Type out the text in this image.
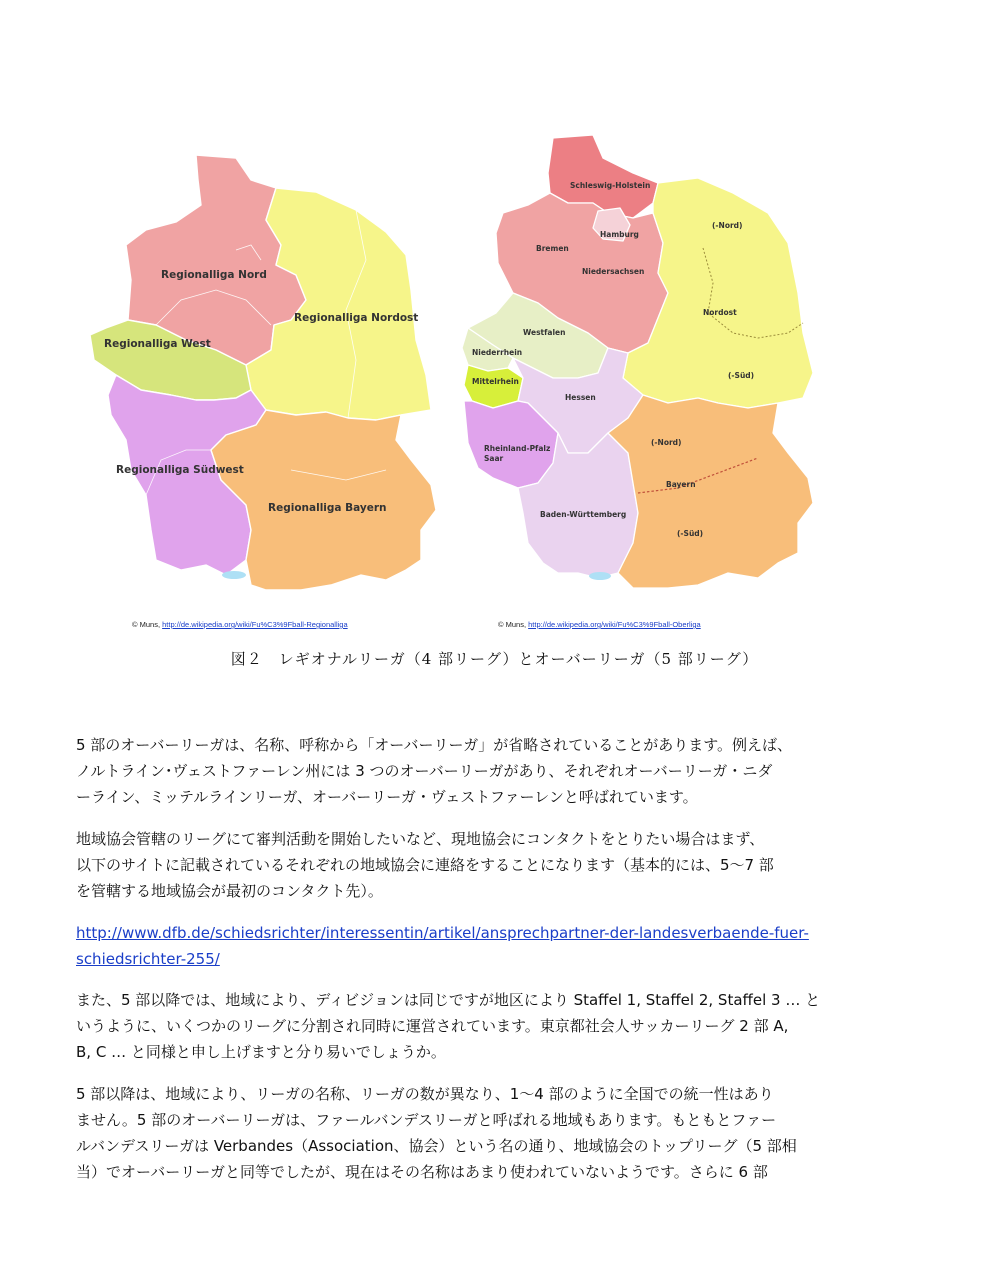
Regionalliga Nord
Regionalliga Nordost
Regionalliga West
Regionalliga Südwest
Regionalliga Bayern
© Muns, http://de.wikipedia.org/wiki/Fu%C3%9Fball-Regionalliga
Schleswig-Holstein
Hamburg
Bremen
Niedersachsen
(-Nord)
Nordost
(-Süd)
Westfalen
Niederrhein
Mittelrhein
Hessen
Rheinland-Pfalz
Saar
(-Nord)
Bayern
Baden-Württemberg
(-Süd)
© Muns, http://de.wikipedia.org/wiki/Fu%C3%9Fball-Oberliga
図２　レギオナルリーガ（4 部リーグ）とオーバーリーガ（5 部リーグ）
5 部のオーバーリーガは、名称、呼称から「オーバーリーガ」が省略されていることがあります。例えば、
ノルトライン･ヴェストファーレン州には 3 つのオーバーリーガがあり、それぞれオーバーリーガ・ニダ
ーライン、ミッテルラインリーガ、オーバーリーガ・ヴェストファーレンと呼ばれています。
地域協会管轄のリーグにて審判活動を開始したいなど、現地協会にコンタクトをとりたい場合はまず、
以下のサイトに記載されているそれぞれの地域協会に連絡をすることになります（基本的には、5〜7 部
を管轄する地域協会が最初のコンタクト先）。
http://www.dfb.de/schiedsrichter/interessentin/artikel/ansprechpartner-der-landesverbaende-fuer-
schiedsrichter-255/
また、5 部以降では、地域により、ディビジョンは同じですが地区により Staffel 1, Staffel 2, Staffel 3 … と
いうように、いくつかのリーグに分割され同時に運営されています。東京都社会人サッカーリーグ 2 部 A,
B, C … と同様と申し上げますと分り易いでしょうか。
5 部以降は、地域により、リーガの名称、リーガの数が異なり、1〜4 部のように全国での統一性はあり
ません。5 部のオーバーリーガは、ファールバンデスリーガと呼ばれる地域もあります。もともとファー
ルバンデスリーガは Verbandes（Association、協会）という名の通り、地域協会のトップリーグ（5 部相
当）でオーバーリーガと同等でしたが、現在はその名称はあまり使われていないようです。さらに 6 部
